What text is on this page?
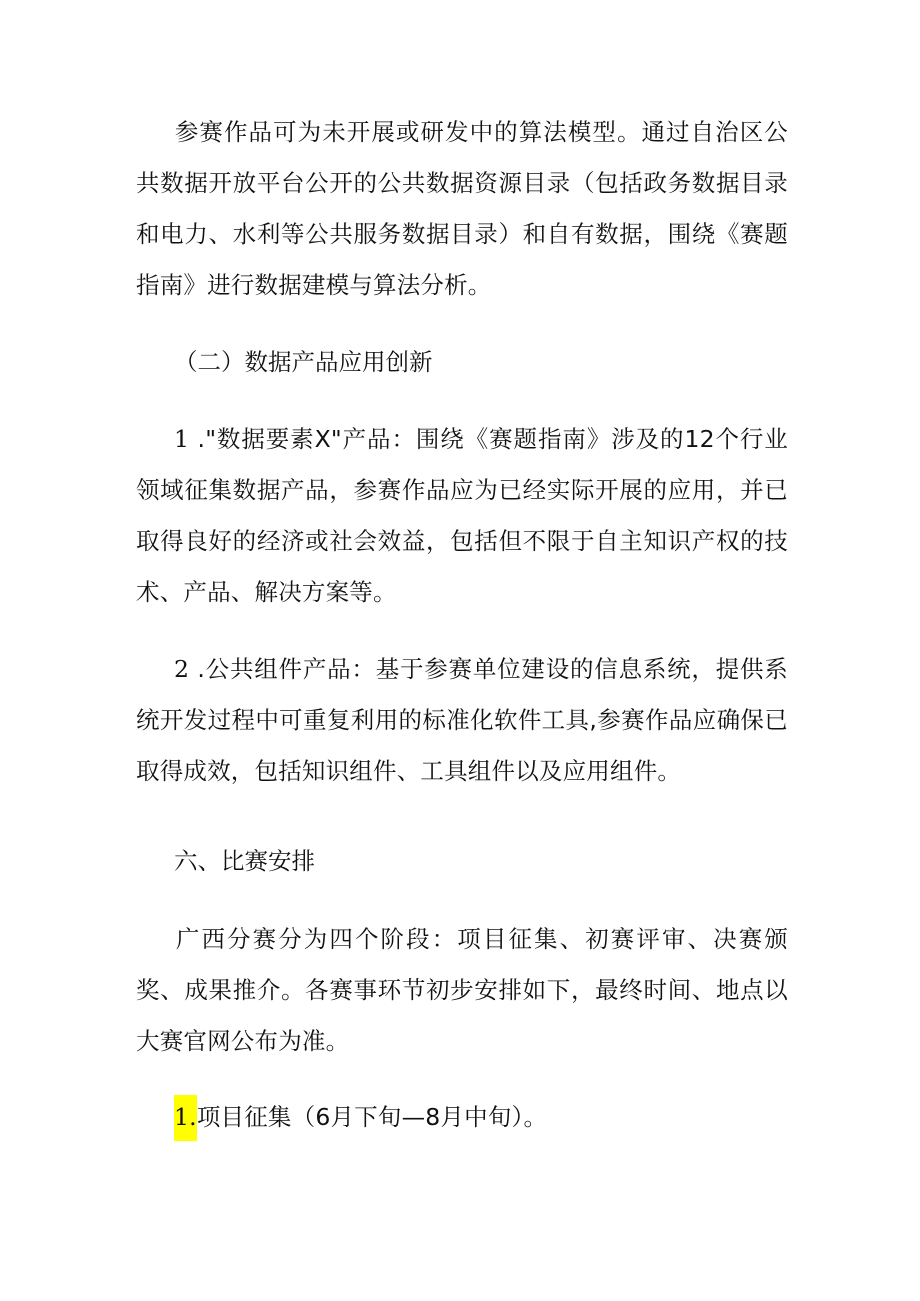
参赛作品可为未开展或研发中的算法模型。通过自治区公共数据开放平台公开的公共数据资源目录（包括政务数据目录和电力、水利等公共服务数据目录）和自有数据，围绕《赛题指南》进行数据建模与算法分析。

（二）数据产品应用创新

1 ."数据要素X"产品：围绕《赛题指南》涉及的12个行业领域征集数据产品，参赛作品应为已经实际开展的应用，并已取得良好的经济或社会效益，包括但不限于自主知识产权的技术、产品、解决方案等。

2 .公共组件产品：基于参赛单位建设的信息系统，提供系统开发过程中可重复利用的标准化软件工具,参赛作品应确保已取得成效，包括知识组件、工具组件以及应用组件。

六、比赛安排

广西分赛分为四个阶段：项目征集、初赛评审、决赛颁奖、成果推介。各赛事环节初步安排如下，最终时间、地点以大赛官网公布为准。

1.项目征集（6月下旬—8月中旬）。
